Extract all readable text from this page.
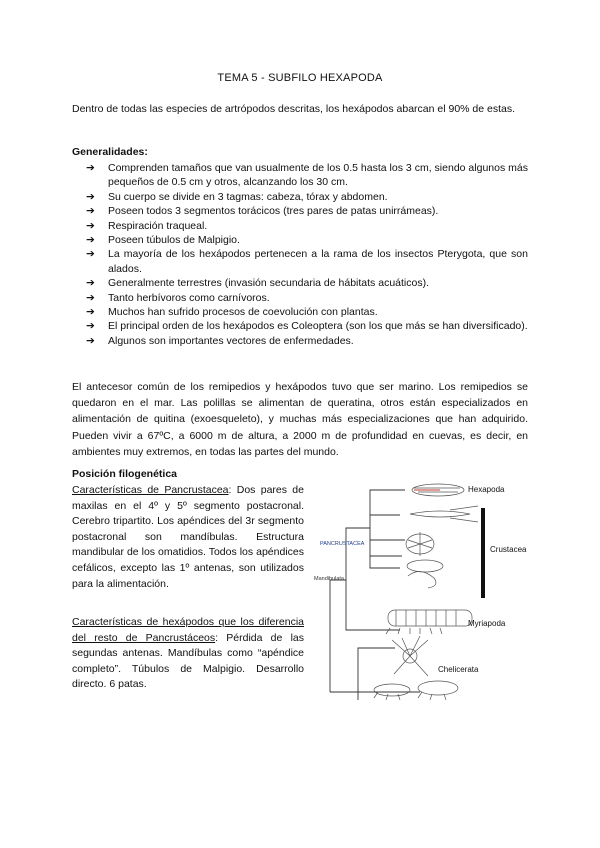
TEMA 5 - SUBFILO HEXAPODA
Dentro de todas las especies de artrópodos descritas, los hexápodos abarcan el 90% de estas.
Generalidades:
➔ Comprenden tamaños que van usualmente de los 0.5 hasta los 3 cm, siendo algunos más pequeños de 0.5 cm y otros, alcanzando los 30 cm.
➔ Su cuerpo se divide en 3 tagmas: cabeza, tórax y abdomen.
➔ Poseen todos 3 segmentos torácicos (tres pares de patas unirrámeas).
➔ Respiración traqueal.
➔ Poseen túbulos de Malpigio.
➔ La mayoría de los hexápodos pertenecen a la rama de los insectos Pterygota, que son alados.
➔ Generalmente terrestres (invasión secundaria de hábitats acuáticos).
➔ Tanto herbívoros como carnívoros.
➔ Muchos han sufrido procesos de coevolución con plantas.
➔ El principal orden de los hexápodos es Coleoptera (son los que más se han diversificado).
➔ Algunos son importantes vectores de enfermedades.
El antecesor común de los remipedios y hexápodos tuvo que ser marino. Los remipedios se quedaron en el mar. Las polillas se alimentan de queratina, otros están especializados en alimentación de quitina (exoesqueleto), y muchas más especializaciones que han adquirido. Pueden vivir a 67ºC, a 6000 m de altura, a 2000 m de profundidad en cuevas, es decir, en ambientes muy extremos, en todas las partes del mundo.
Posición filogenética
Características de Pancrustacea: Dos pares de maxilas en el 4º y 5º segmento postacronal. Cerebro tripartito. Los apéndices del 3r segmento postacronal son mandíbulas. Estructura mandibular de los omatidios. Todos los apéndices cefálicos, excepto las 1º antenas, son utilizados para la alimentación.
Características de hexápodos que los diferencia del resto de Pancrustáceos: Pérdida de las segundas antenas. Mandíbulas como “apéndice completo”. Túbulos de Malpigio. Desarrollo directo. 6 patas.
Hexapoda
Crustacea
Myriapoda
Chelicerata
PANCRUSTACEA
Mandibulata
